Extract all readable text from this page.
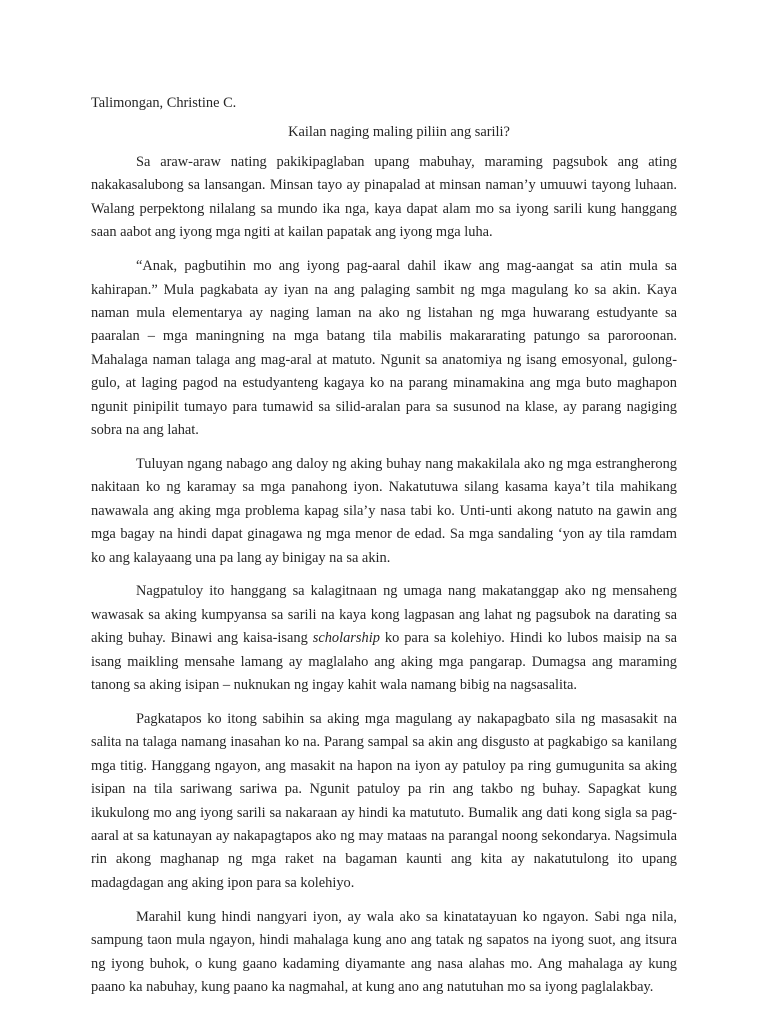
Talimongan, Christine C.

Kailan naging maling piliin ang sarili?

Sa araw-araw nating pakikipaglaban upang mabuhay, maraming pagsubok ang ating nakakasalubong sa lansangan. Minsan tayo ay pinapalad at minsan naman’y umuuwi tayong luhaan. Walang perpektong nilalang sa mundo ika nga, kaya dapat alam mo sa iyong sarili kung hanggang saan aabot ang iyong mga ngiti at kailan papatak ang iyong mga luha.

“Anak, pagbutihin mo ang iyong pag-aaral dahil ikaw ang mag-aangat sa atin mula sa kahirapan.” Mula pagkabata ay iyan na ang palaging sambit ng mga magulang ko sa akin. Kaya naman mula elementarya ay naging laman na ako ng listahan ng mga huwarang estudyante sa paaralan – mga maningning na mga batang tila mabilis makararating patungo sa paroroonan. Mahalaga naman talaga ang mag-aral at matuto. Ngunit sa anatomiya ng isang emosyonal, gulong-gulo, at laging pagod na estudyanteng kagaya ko na parang minamakina ang mga buto maghapon ngunit pinipilit tumayo para tumawid sa silid-aralan para sa susunod na klase, ay parang nagiging sobra na ang lahat.

Tuluyan ngang nabago ang daloy ng aking buhay nang makakilala ako ng mga estrangherong nakitaan ko ng karamay sa mga panahong iyon. Nakatutuwa silang kasama kaya’t tila mahikang nawawala ang aking mga problema kapag sila’y nasa tabi ko. Unti-unti akong natuto na gawin ang mga bagay na hindi dapat ginagawa ng mga menor de edad. Sa mga sandaling ‘yon ay tila ramdam ko ang kalayaang una pa lang ay binigay na sa akin.

Nagpatuloy ito hanggang sa kalagitnaan ng umaga nang makatanggap ako ng mensaheng wawasak sa aking kumpyansa sa sarili na kaya kong lagpasan ang lahat ng pagsubok na darating sa aking buhay. Binawi ang kaisa-isang scholarship ko para sa kolehiyo. Hindi ko lubos maisip na sa isang maikling mensahe lamang ay maglalaho ang aking mga pangarap. Dumagsa ang maraming tanong sa aking isipan – nuknukan ng ingay kahit wala namang bibig na nagsasalita.

Pagkatapos ko itong sabihin sa aking mga magulang ay nakapagbato sila ng masasakit na salita na talaga namang inasahan ko na. Parang sampal sa akin ang disgusto at pagkabigo sa kanilang mga titig. Hanggang ngayon, ang masakit na hapon na iyon ay patuloy pa ring gumugunita sa aking isipan na tila sariwang sariwa pa. Ngunit patuloy pa rin ang takbo ng buhay. Sapagkat kung ikukulong mo ang iyong sarili sa nakaraan ay hindi ka matututo. Bumalik ang dati kong sigla sa pag-aaral at sa katunayan ay nakapagtapos ako ng may mataas na parangal noong sekondarya. Nagsimula rin akong maghanap ng mga raket na bagaman kaunti ang kita ay nakatutulong ito upang madagdagan ang aking ipon para sa kolehiyo.

Marahil kung hindi nangyari iyon, ay wala ako sa kinatatayuan ko ngayon. Sabi nga nila, sampung taon mula ngayon, hindi mahalaga kung ano ang tatak ng sapatos na iyong suot, ang itsura ng iyong buhok, o kung gaano kadaming diyamante ang nasa alahas mo. Ang mahalaga ay kung paano ka nabuhay, kung paano ka nagmahal, at kung ano ang natutuhan mo sa iyong paglalakbay.
